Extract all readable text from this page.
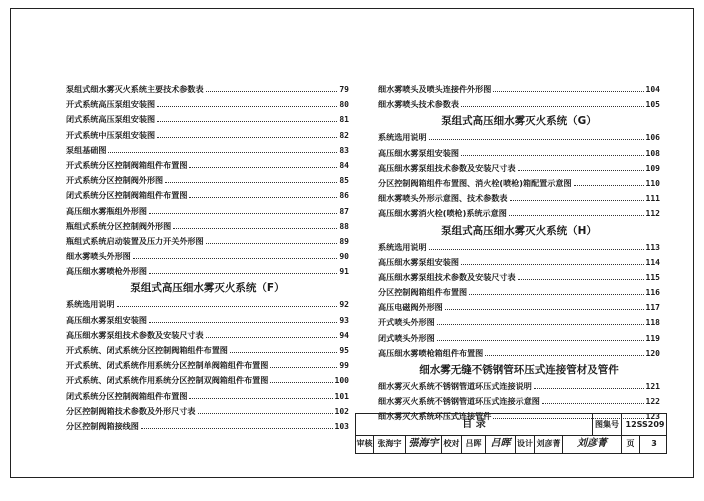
泵组式细水雾灭火系统主要技术参数表	79
开式系统高压泵组安装图	80
闭式系统高压泵组安装图	81
开式系统中压泵组安装图	82
泵组基础图	83
开式系统分区控制阀箱组件布置图	84
开式系统分区控制阀外形图	85
闭式系统分区控制阀箱组件布置图	86
高压细水雾瓶组外形图	87
瓶组式系统分区控制阀外形图	88
瓶组式系统启动装置及压力开关外形图	89
细水雾喷头外形图	90
高压细水雾喷枪外形图	91
泵组式高压细水雾灭火系统（F）
系统选用说明	92
高压细水雾泵组安装图	93
高压细水雾泵组技术参数及安装尺寸表	94
开式系统、闭式系统分区控制阀箱组件布置图	95
开式系统、闭式系统作用系统分区控制单阀箱组件布置图	99
开式系统、闭式系统作用系统分区控制双阀箱组件布置图	100
闭式系统分区控制阀箱组件布置图	101
分区控制阀箱技术参数及外形尺寸表	102
分区控制阀箱接线图	103
细水雾喷头及喷头连接件外形图	104
细水雾喷头技术参数表	105
泵组式高压细水雾灭火系统（G）
系统选用说明	106
高压细水雾泵组安装图	108
高压细水雾泵组技术参数及安装尺寸表	109
分区控制阀箱组件布置图、消火栓(喷枪)箱配置示意图	110
细水雾喷头外形示意图、技术参数表	111
高压细水雾消火栓(喷枪)系统示意图	112
泵组式高压细水雾灭火系统（H）
系统选用说明	113
高压细水雾泵组安装图	114
高压细水雾泵组技术参数及安装尺寸表	115
分区控制阀箱组件布置图	116
高压电磁阀外形图	117
开式喷头外形图	118
闭式喷头外形图	119
高压细水雾喷枪箱组件布置图	120
细水雾无缝不锈钢管环压式连接管材及管件
细水雾灭火系统不锈钢管道环压式连接说明	121
细水雾灭火系统不锈钢管道环压式连接示意图	122
细水雾灭火系统环压式连接管件	123
目 录	图集号 12SS209
审核 张海宇 張海宇 校对 吕晖 吕晖 设计 刘彦菁	刘彦菁	页	3
